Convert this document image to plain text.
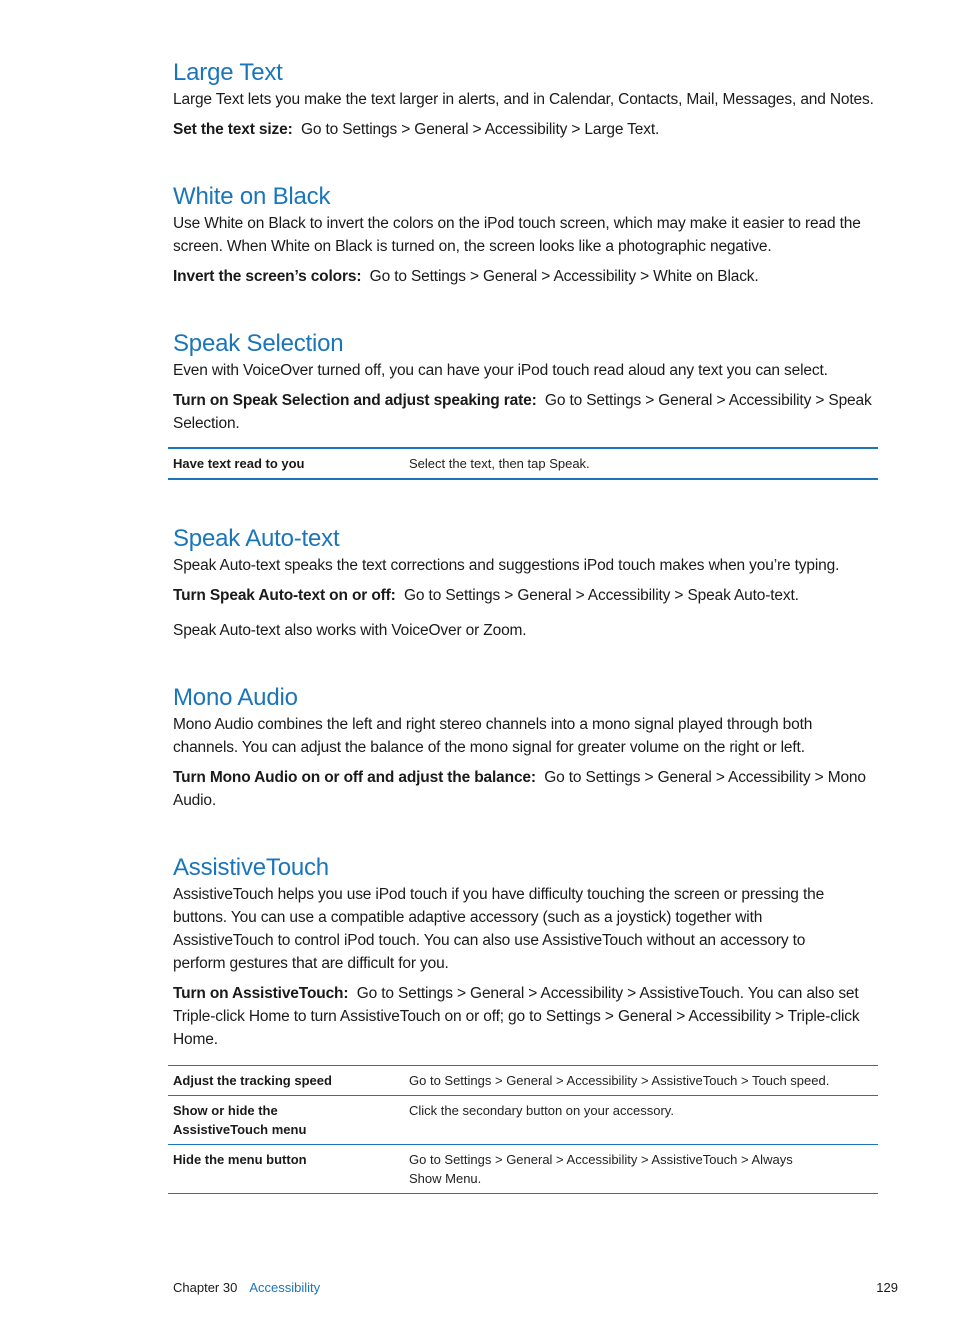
Large Text

Large Text lets you make the text larger in alerts, and in Calendar, Contacts, Mail, Messages, and Notes.

Set the text size: Go to Settings > General > Accessibility > Large Text.

White on Black

Use White on Black to invert the colors on the iPod touch screen, which may make it easier to read the screen. When White on Black is turned on, the screen looks like a photographic negative.

Invert the screen’s colors: Go to Settings > General > Accessibility > White on Black.

Speak Selection

Even with VoiceOver turned off, you can have your iPod touch read aloud any text you can select.

Turn on Speak Selection and adjust speaking rate: Go to Settings > General > Accessibility > Speak Selection.

Have text read to you	Select the text, then tap Speak.
Speak Auto-text

Speak Auto-text speaks the text corrections and suggestions iPod touch makes when you’re typing.

Turn Speak Auto-text on or off: Go to Settings > General > Accessibility > Speak Auto-text.

Speak Auto-text also works with VoiceOver or Zoom.

Mono Audio

Mono Audio combines the left and right stereo channels into a mono signal played through both channels. You can adjust the balance of the mono signal for greater volume on the right or left.

Turn Mono Audio on or off and adjust the balance: Go to Settings > General > Accessibility > Mono Audio.

AssistiveTouch

AssistiveTouch helps you use iPod touch if you have difficulty touching the screen or pressing the buttons. You can use a compatible adaptive accessory (such as a joystick) together with AssistiveTouch to control iPod touch. You can also use AssistiveTouch without an accessory to perform gestures that are difficult for you.

Turn on AssistiveTouch: Go to Settings > General > Accessibility > AssistiveTouch. You can also set Triple-click Home to turn AssistiveTouch on or off; go to Settings > General > Accessibility > Triple-click Home.

Adjust the tracking speed	Go to Settings > General > Accessibility > AssistiveTouch > Touch speed.

Show or hide the
AssistiveTouch menu	Click the secondary button on your accessory.

Hide the menu button	Go to Settings > General > Accessibility > AssistiveTouch > Always
Show Menu.
Chapter 30 Accessibility	129
